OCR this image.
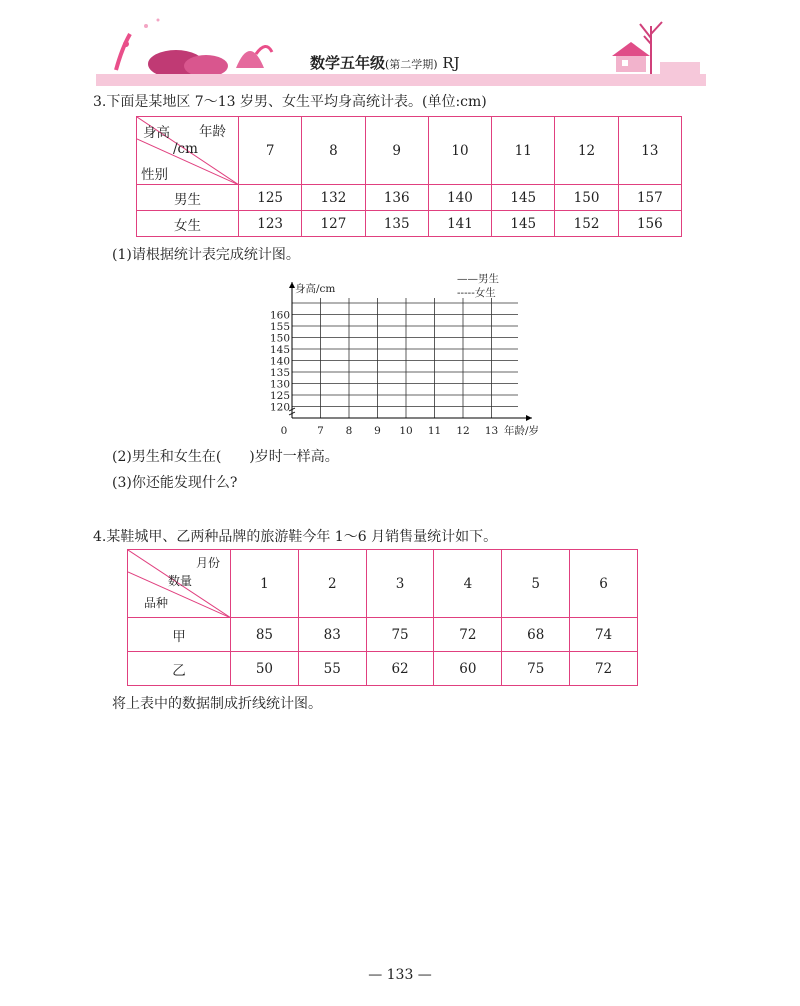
数学五年级(第二学期) RJ
3.下面是某地区 7～13 岁男、女生平均身高统计表。(单位:cm)
年龄
身高
/cm
性别	7	8	9	10	11	12	13
男生	125	132	136	140	145	150	157
女生	123	127	135	141	145	152	156
(1)请根据统计表完成统计图。
120
125
130
135
140
145
150
155
160
0	7 8 9 10 11 12 13 年龄/岁
身高/cm
——男生
-----女生
(2)男生和女生在(　　)岁时一样高。
(3)你还能发现什么?
4.某鞋城甲、乙两种品牌的旅游鞋今年 1～6 月销售量统计如下。
月份
数量
品种	1	2	3	4	5	6
甲	85	83	75	72	68	74
乙	50	55	62	60	75	72
将上表中的数据制成折线统计图。
— 133 —
